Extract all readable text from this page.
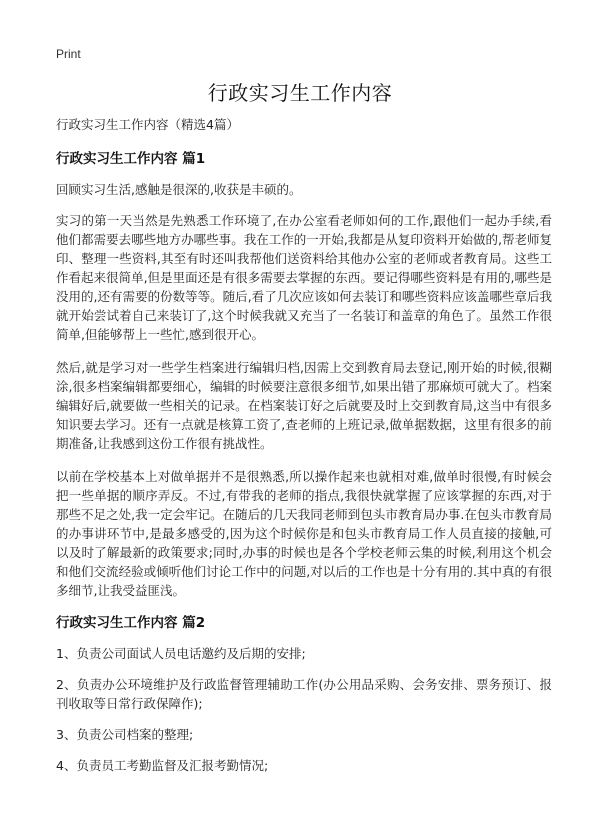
Print
行政实习生工作内容

行政实习生工作内容（精选4篇）

行政实习生工作内容 篇1

回顾实习生活,感触是很深的,收获是丰硕的。

实习的第一天当然是先熟悉工作环境了,在办公室看老师如何的工作,跟他们一起办手续,看他们都需要去哪些地方办哪些事。我在工作的一开始,我都是从复印资料开始做的,帮老师复印、整理一些资料,其至有时还叫我帮他们送资料给其他办公室的老师或者教育局。这些工作看起来很简单,但是里面还是有很多需要去掌握的东西。要记得哪些资料是有用的,哪些是没用的,还有需要的份数等等。随后,看了几次应该如何去装订和哪些资料应该盖哪些章后我就开始尝试着自己来装订了,这个时候我就又充当了一名装订和盖章的角色了。虽然工作很简单,但能够帮上一些忙,感到很开心。

然后,就是学习对一些学生档案进行编辑归档,因需上交到教育局去登记,刚开始的时候,很糊涂,很多档案编辑都要细心，编辑的时候要注意很多细节,如果出错了那麻烦可就大了。档案编辑好后,就要做一些相关的记录。在档案装订好之后就要及时上交到教育局,这当中有很多知识要去学习。还有一点就是核算工资了,查老师的上班记录,做单据数据，这里有很多的前期准备,让我感到这份工作很有挑战性。

以前在学校基本上对做单据并不是很熟悉,所以操作起来也就相对难,做单时很慢,有时候会把一些单据的顺序弄反。不过,有带我的老师的指点,我很快就掌握了应该掌握的东西,对于那些不足之处,我一定会牢记。在随后的几天我同老师到包头市教育局办事.在包头市教育局的办事讲环节中,是最多感受的,因为这个时候你是和包头市教育局工作人员直接的接触,可以及时了解最新的政策要求;同时,办事的时候也是各个学校老师云集的时候,利用这个机会和他们交流经验或倾听他们讨论工作中的问题,对以后的工作也是十分有用的.其中真的有很多细节,让我受益匪浅。

行政实习生工作内容 篇2

1、负责公司面试人员电话邀约及后期的安排;

2、负责办公环境维护及行政监督管理辅助工作(办公用品采购、会务安排、票务预订、报刊收取等日常行政保障作);

3、负责公司档案的整理;

4、负责员工考勤监督及汇报考勤情况;
